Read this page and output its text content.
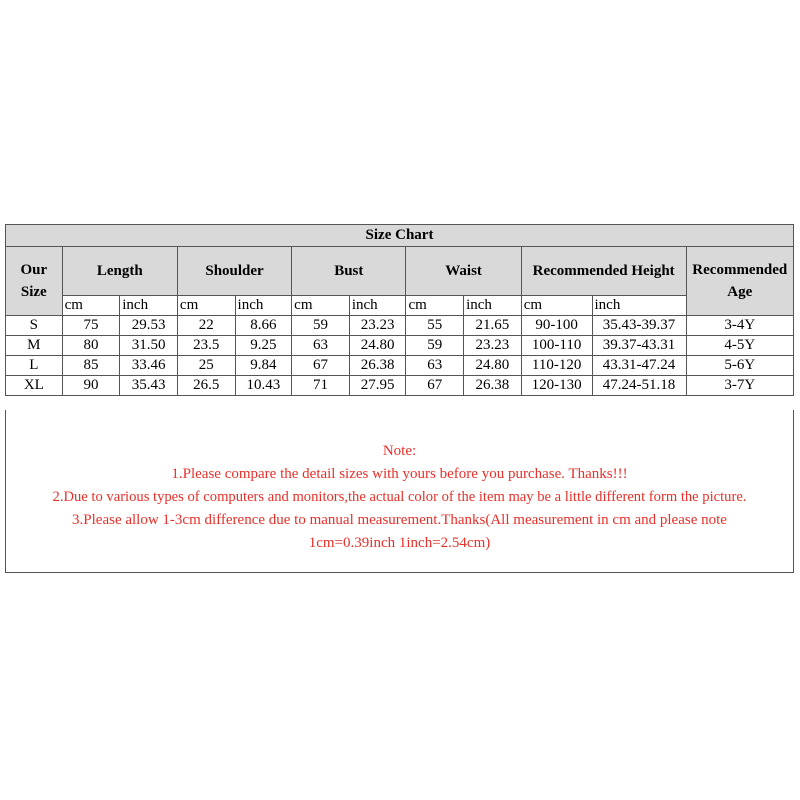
Size Chart											
Our Size	Length		Shoulder		Bust		Waist		Recommended Height		Recommended Age
	cm	inch	cm	inch	cm	inch	cm	inch	cm	inch	
S	75	29.53	22	8.66	59	23.23	55	21.65	90-100	35.43-39.37	3-4Y
M	80	31.50	23.5	9.25	63	24.80	59	23.23	100-110	39.37-43.31	4-5Y
L	85	33.46	25	9.84	67	26.38	63	24.80	110-120	43.31-47.24	5-6Y
XL	90	35.43	26.5	10.43	71	27.95	67	26.38	120-130	47.24-51.18	3-7Y
Note:
1.Please compare the detail sizes with yours before you purchase. Thanks!!!
2.Due to various types of computers and monitors,the actual color of the item may be a little different form the picture.
3.Please allow 1-3cm difference due to manual measurement.Thanks(All measurement in cm and please note
1cm=0.39inch 1inch=2.54cm)
